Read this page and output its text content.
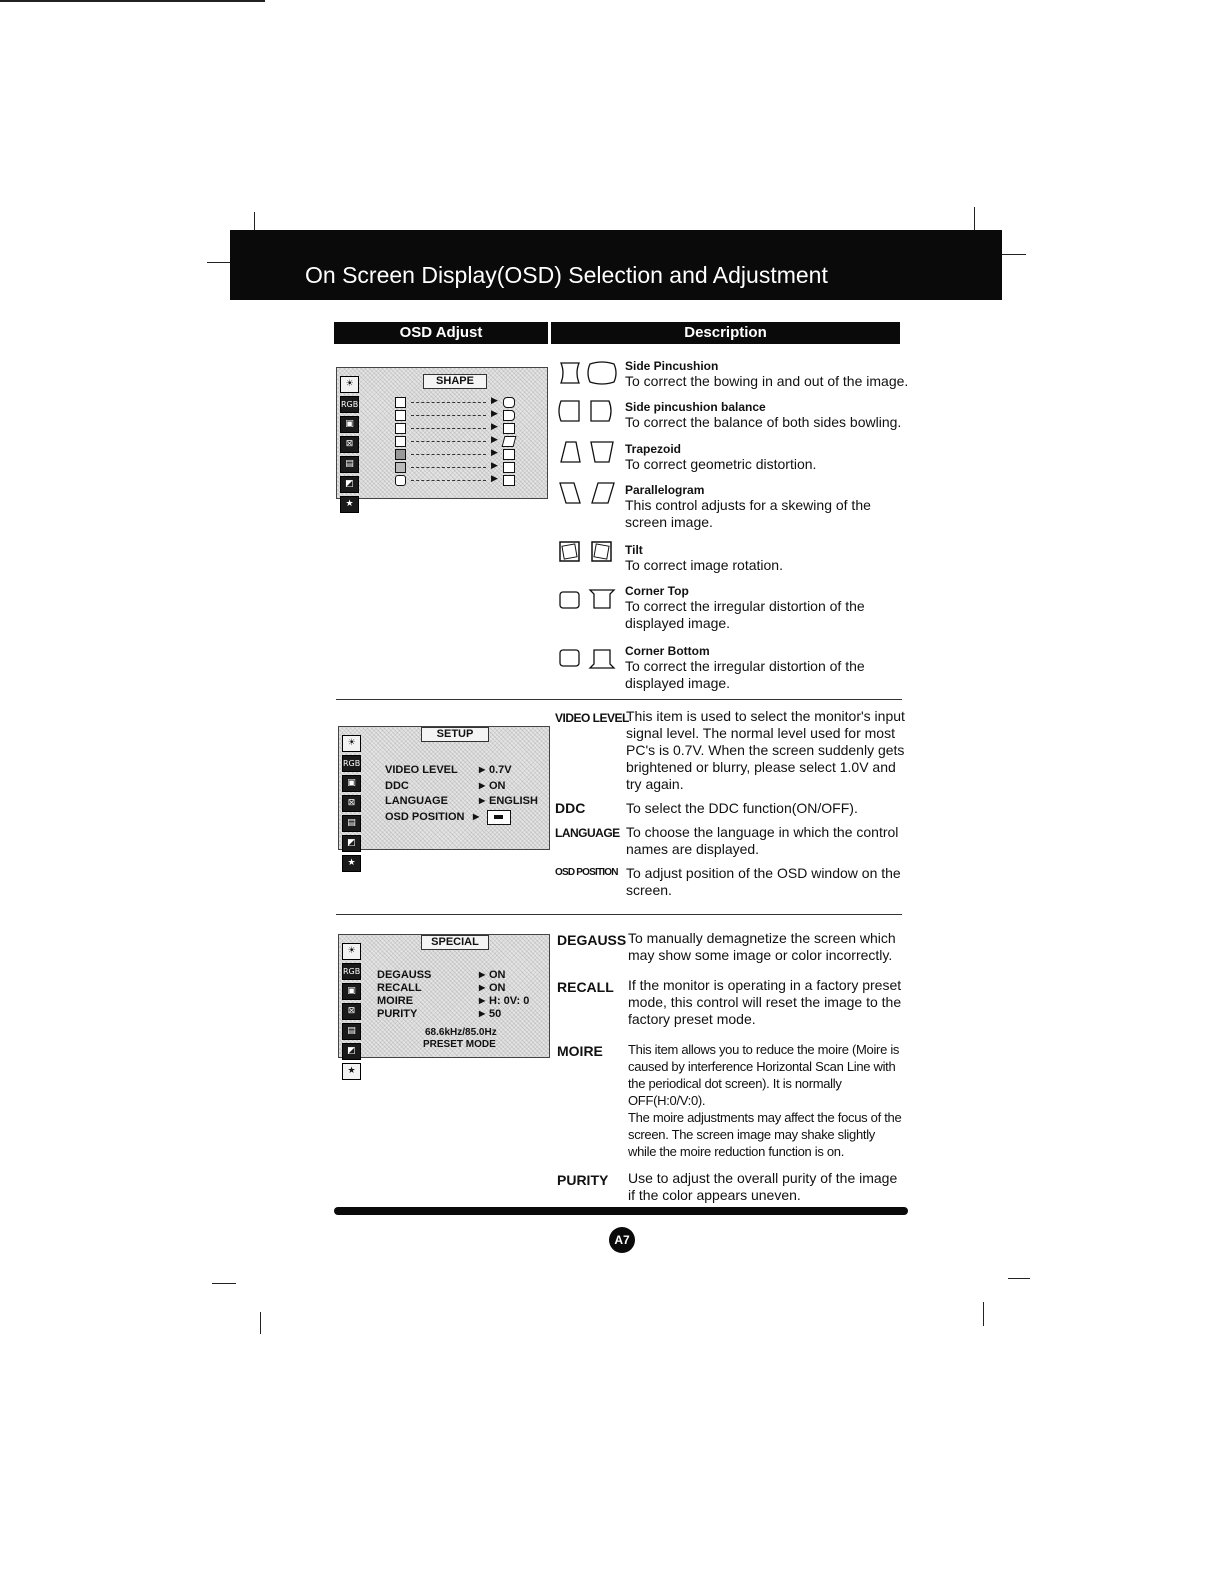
On Screen Display(OSD) Selection and Adjustment
OSD Adjust	Description
☀
RGB
▣
⊠
▤
◩
★
SHAPE
▶
▶
▶
▶
▶
▶
▶
Side Pincushion
To correct the bowing in and out of the image.
Side pincushion balance
To correct the balance of both sides bowling.
Trapezoid
To correct geometric distortion.
Parallelogram
This control adjusts for a skewing of the screen image.
Tilt
To correct image rotation.
Corner Top
To correct the irregular distortion of the displayed image.
Corner Bottom
To correct the irregular distortion of the displayed image.
☀
RGB
▣
⊠
▤
◩
★
SETUP
VIDEO LEVEL	0.7V
DDC	ON
LANGUAGE	ENGLISH
OSD POSITION
▶
▶
▶
▶
VIDEO LEVEL
This item is used to select the monitor's input signal level. The normal level used for most PC's is 0.7V. When the screen suddenly gets brightened or blurry, please select 1.0V and try again.
DDC	To select the DDC function(ON/OFF).
LANGUAGE To choose the language in which the control names are displayed.
OSD POSITION To adjust position of the OSD window on the screen.
☀
RGB
▣
⊠
▤
◩
★
SPECIAL
DEGAUSS	ON
RECALL	ON
MOIRE	H: 0V: 0
PURITY	50
▶
▶
▶
▶
68.6kHz/85.0Hz
PRESET MODE
DEGAUSS To manually demagnetize the screen which may show some image or color incorrectly.
RECALL If the monitor is operating in a factory preset mode, this control will reset the image to the factory preset mode.
MOIRE This item allows you to reduce the moire (Moire is caused by interference Horizontal Scan Line with the periodical dot screen). It is normally OFF(H:0/V:0).
The moire adjustments may affect the focus of the screen. The screen image may shake slightly while the moire reduction function is on.
PURITY Use to adjust the overall purity of the image if the color appears uneven.
A7
